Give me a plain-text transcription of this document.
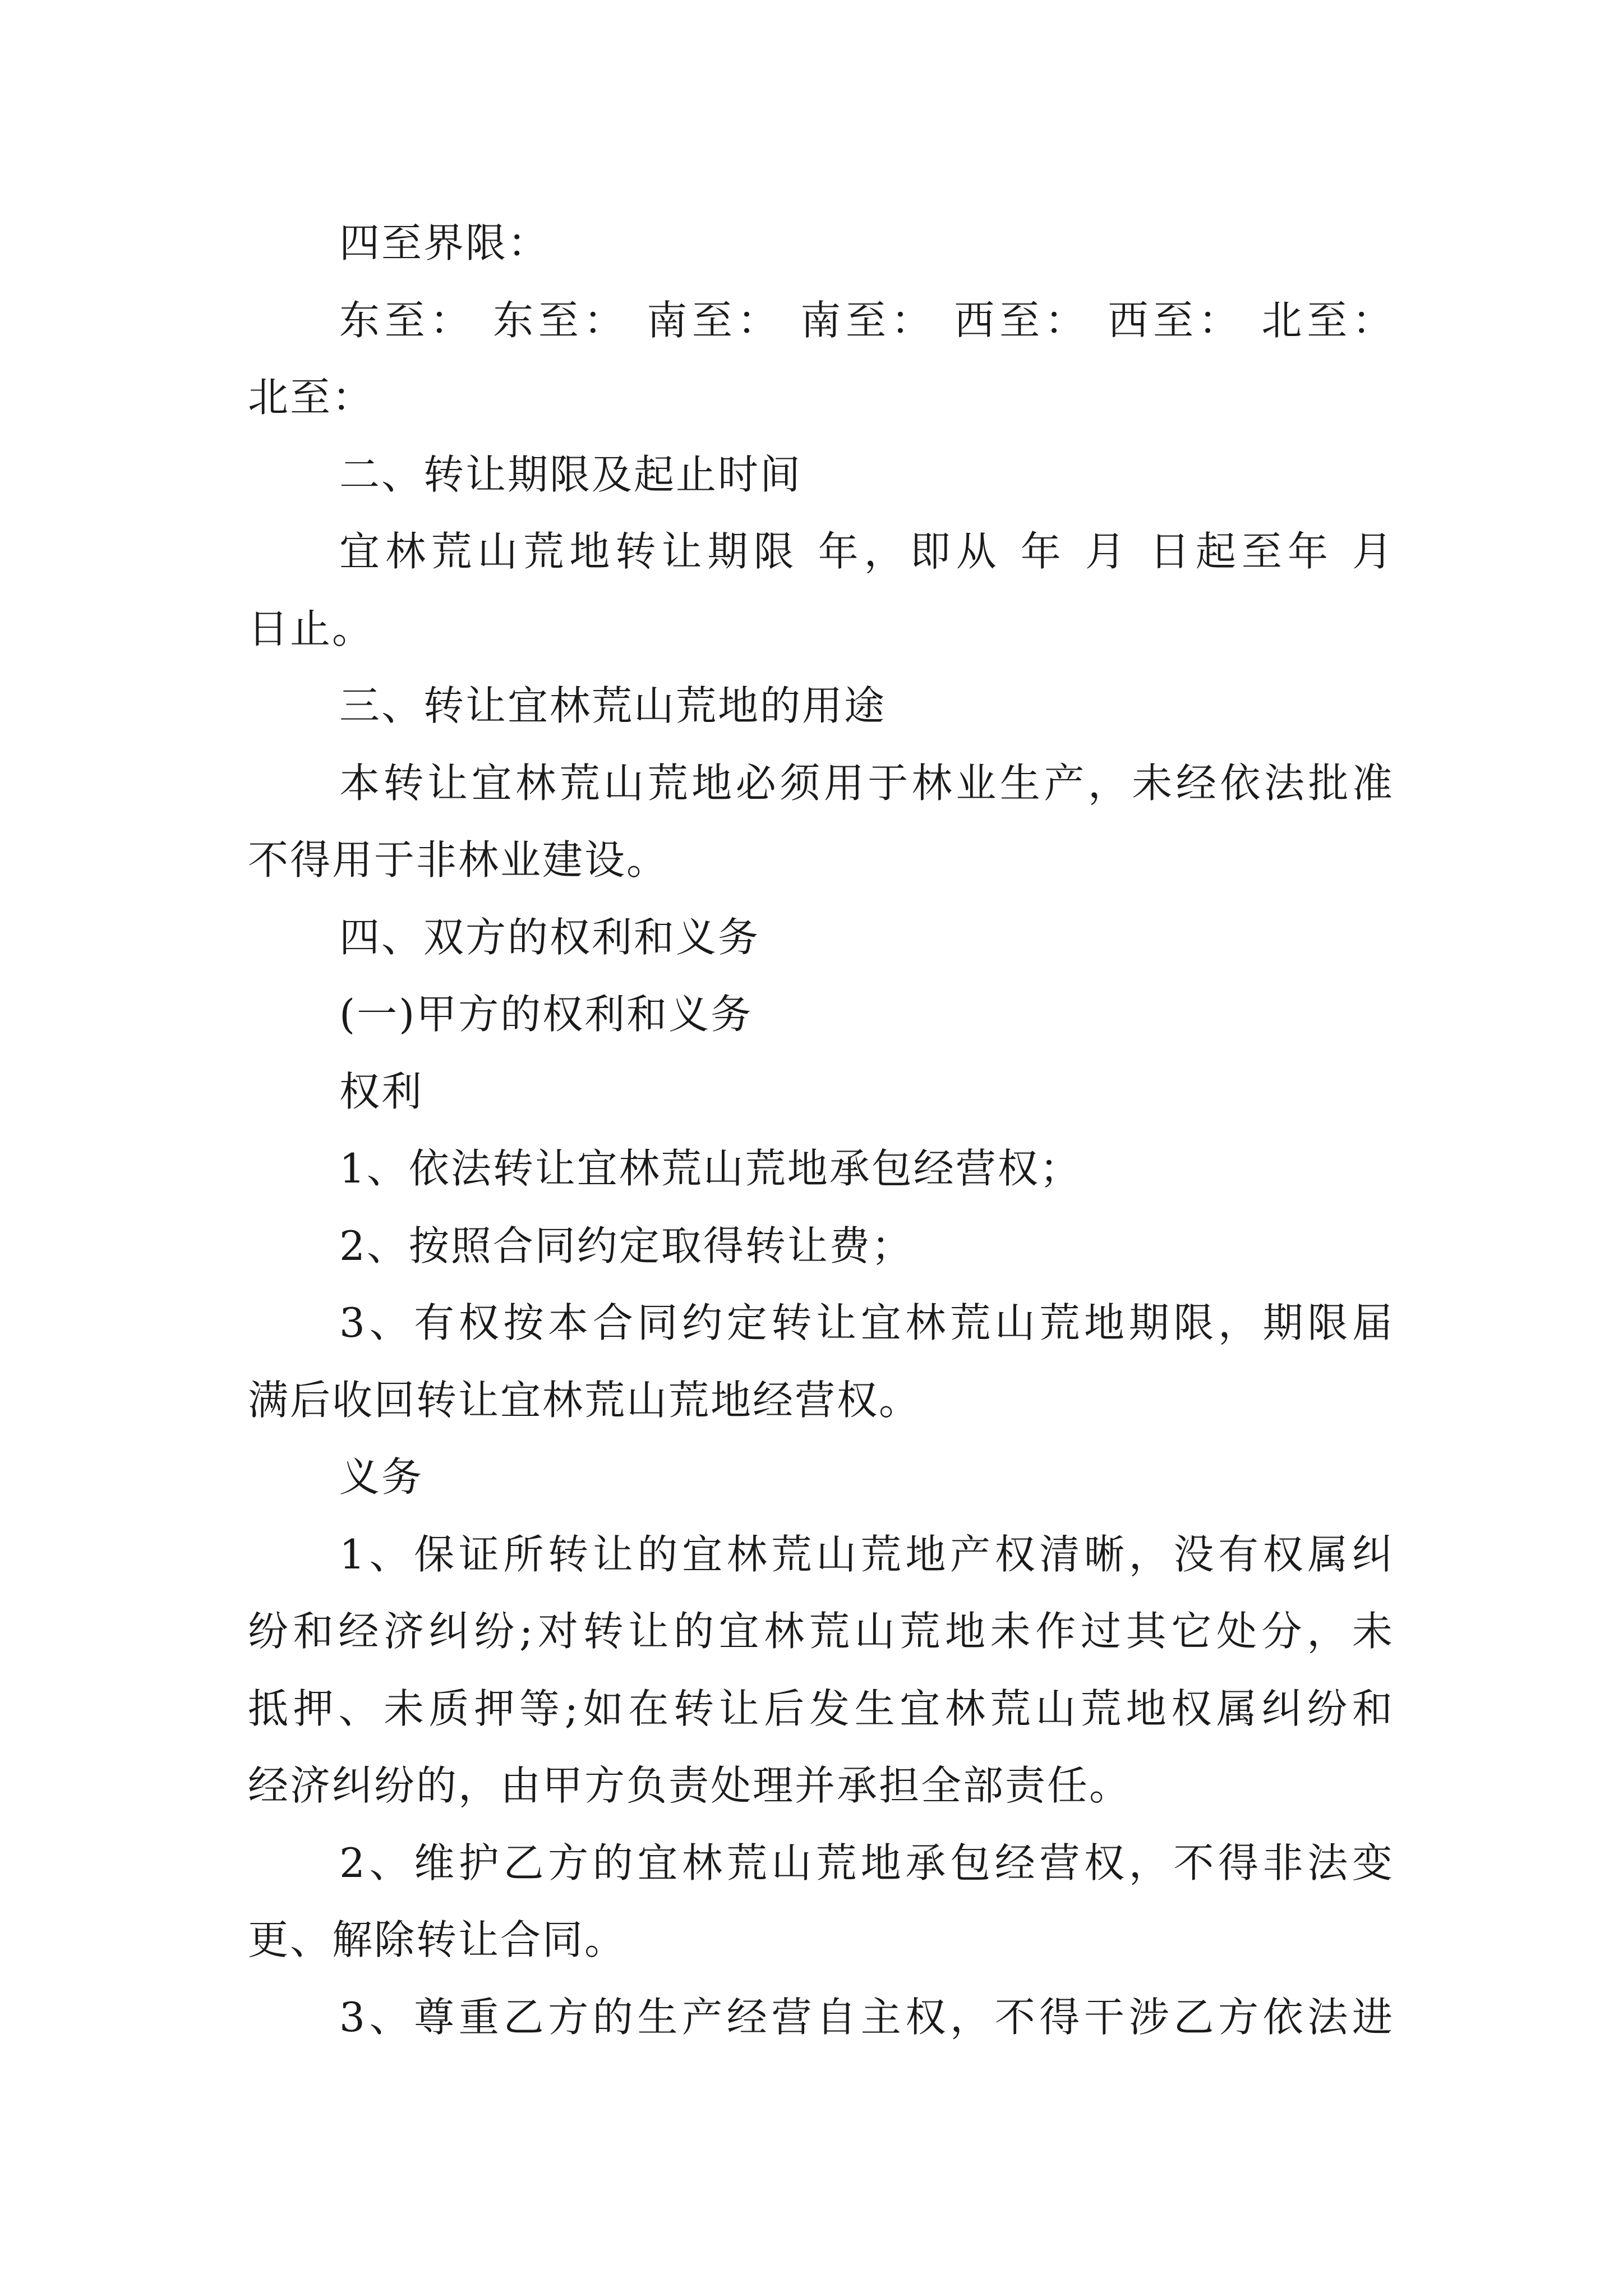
四至界限：
东至： 东至： 南至： 南至： 西至： 西至： 北至：
北至：
二、转让期限及起止时间
宜林荒山荒地转让期限 年，即从 年 月 日起至年 月
日止。
三、转让宜林荒山荒地的用途
本转让宜林荒山荒地必须用于林业生产，未经依法批准
不得用于非林业建设。
四、双方的权利和义务
(一)甲方的权利和义务
权利
1、依法转让宜林荒山荒地承包经营权；
2、按照合同约定取得转让费；
3、有权按本合同约定转让宜林荒山荒地期限，期限届
满后收回转让宜林荒山荒地经营权。
义务
1、保证所转让的宜林荒山荒地产权清晰，没有权属纠
纷和经济纠纷;对转让的宜林荒山荒地未作过其它处分，未
抵押、未质押等;如在转让后发生宜林荒山荒地权属纠纷和
经济纠纷的，由甲方负责处理并承担全部责任。
2、维护乙方的宜林荒山荒地承包经营权，不得非法变
更、解除转让合同。
3、尊重乙方的生产经营自主权，不得干涉乙方依法进
